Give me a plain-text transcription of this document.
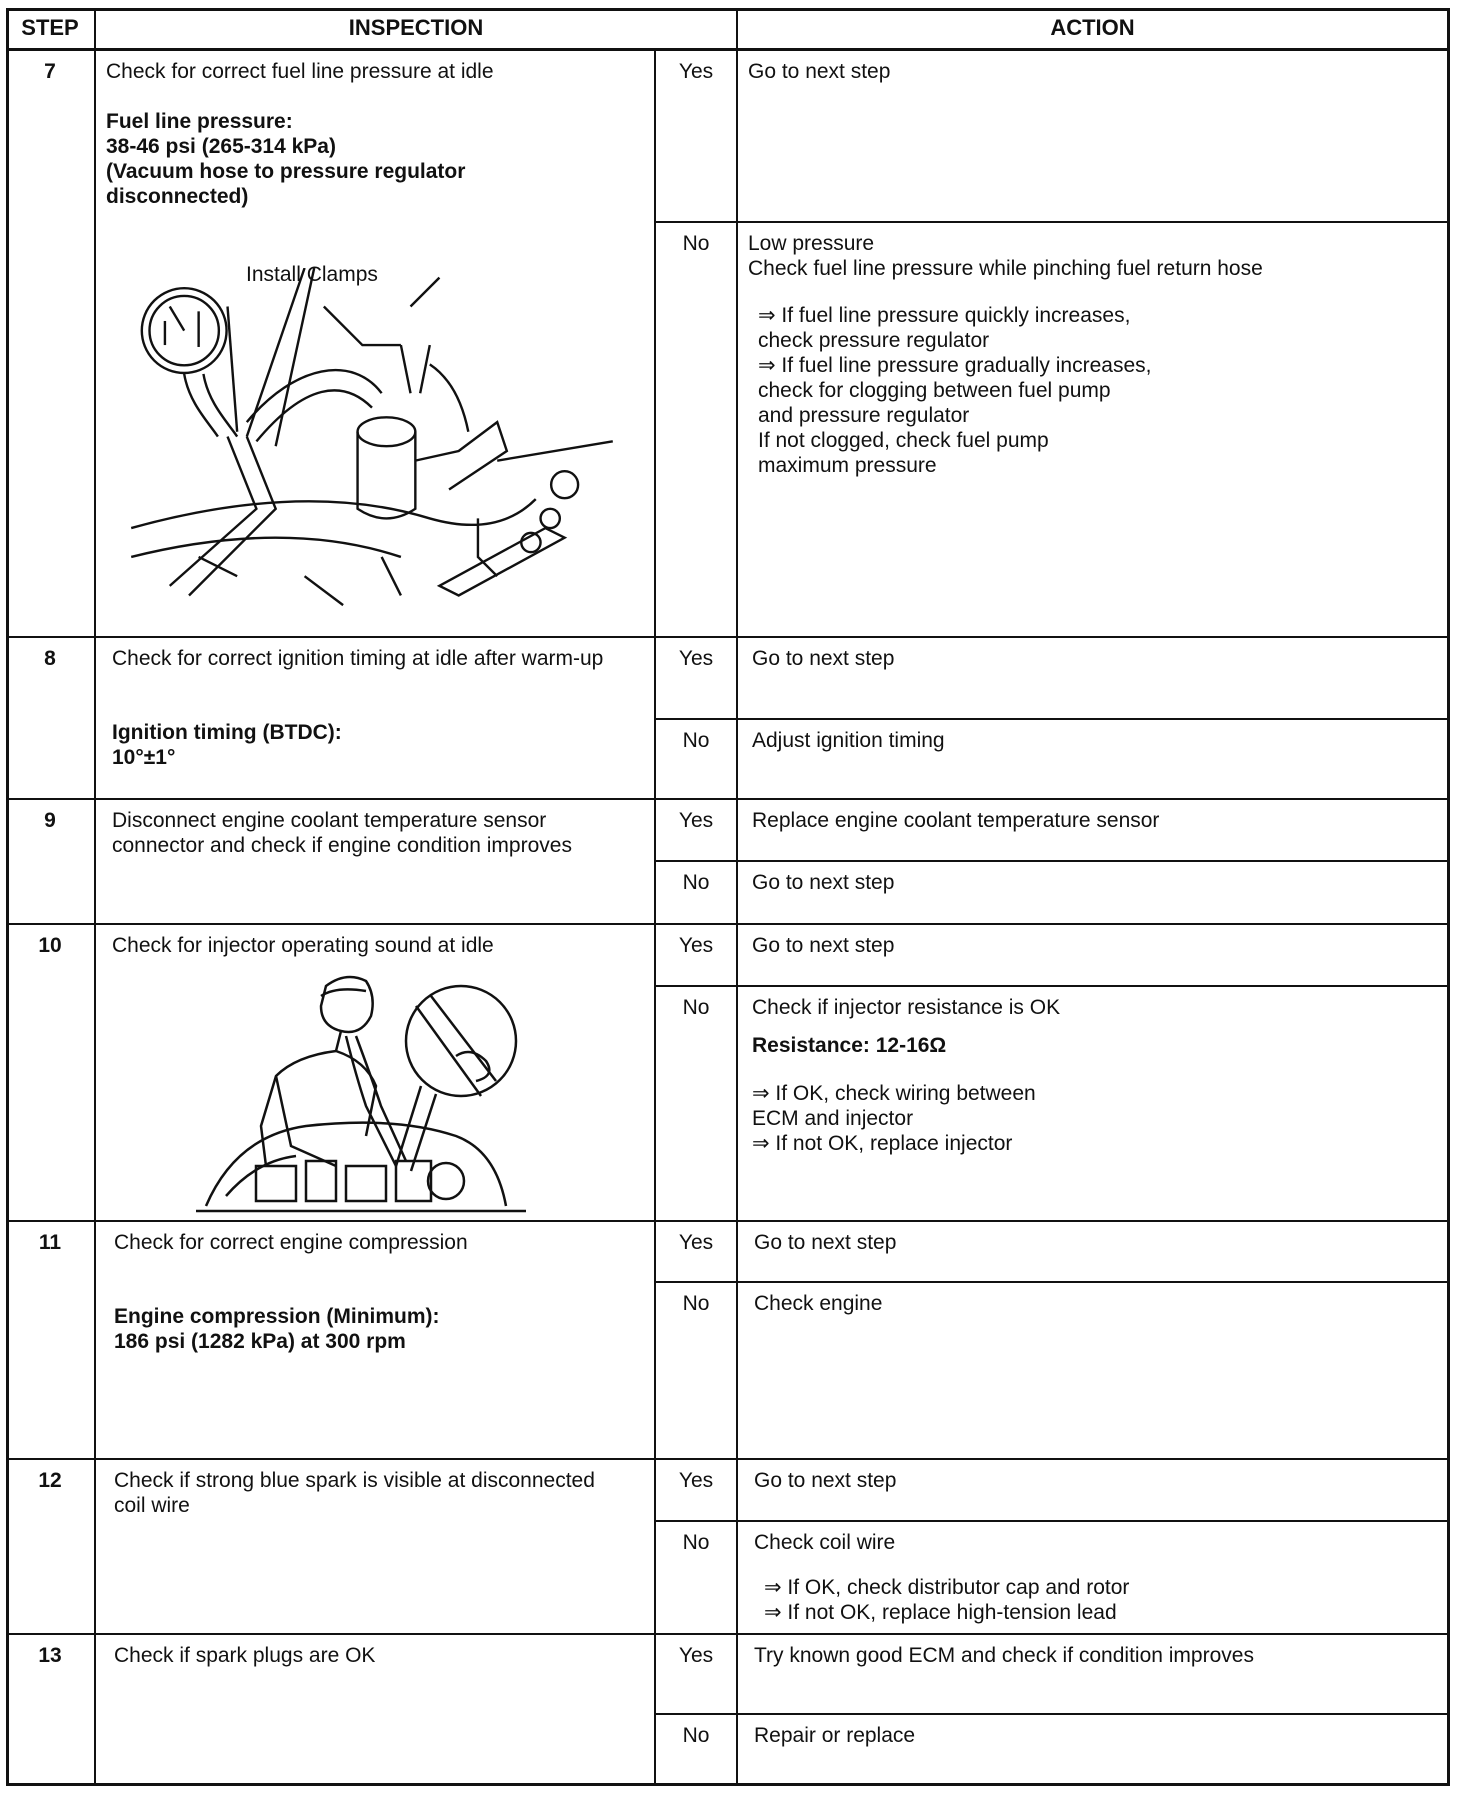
STEP	INSPECTION	ACTION
7	Check for correct fuel line pressure at idle
Fuel line pressure:
38-46 psi (265-314 kPa)
(Vacuum hose to pressure regulator
disconnected)
Install Clamps
Yes	Go to next step
No	Low pressure
Check fuel line pressure while pinching fuel return hose
⇒ If fuel line pressure quickly increases,
check pressure regulator
⇒ If fuel line pressure gradually increases,
check for clogging between fuel pump
and pressure regulator
If not clogged, check fuel pump
maximum pressure
8	Check for correct ignition timing at idle after warm-up
Ignition timing (BTDC):
10°±1°
Yes	Go to next step
No	Adjust ignition timing
9	Disconnect engine coolant temperature sensor
connector and check if engine condition improves
Yes	Replace engine coolant temperature sensor
No	Go to next step
10	Check for injector operating sound at idle	Yes	Go to next step
No	Check if injector resistance is OK
Resistance: 12-16Ω
⇒ If OK, check wiring between
ECM and injector
⇒ If not OK, replace injector
11	Check for correct engine compression
Engine compression (Minimum):
186 psi (1282 kPa) at 300 rpm
Yes	Go to next step
No	Check engine
12	Check if strong blue spark is visible at disconnected
coil wire
Yes	Go to next step
No	Check coil wire
⇒ If OK, check distributor cap and rotor
⇒ If not OK, replace high-tension lead
13	Check if spark plugs are OK	Yes	Try known good ECM and check if condition improves
No	Repair or replace
